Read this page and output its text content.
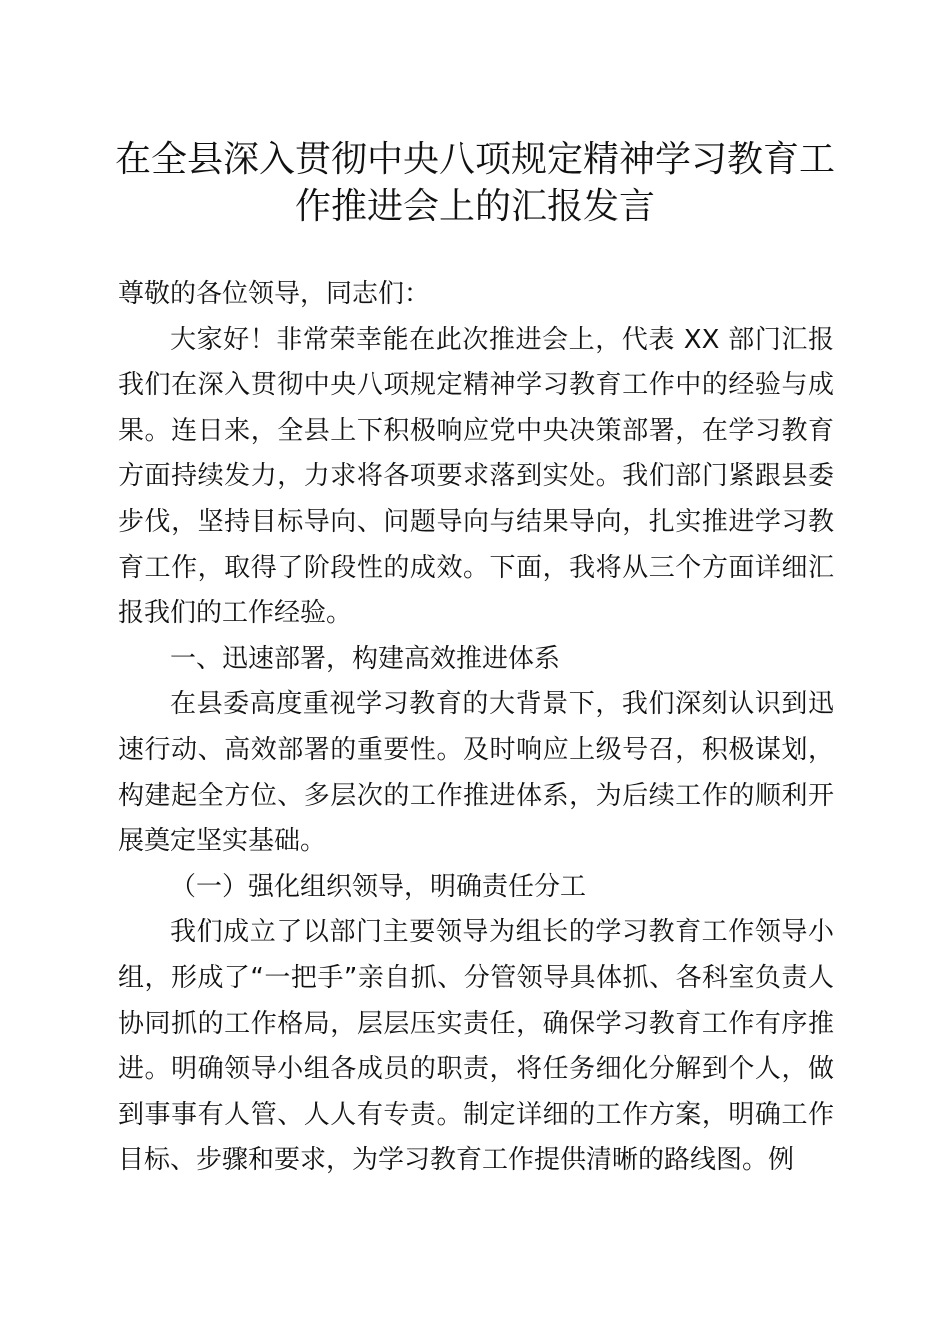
在全县深入贯彻中央八项规定精神学习教育工作推进会上的汇报发言

尊敬的各位领导，同志们：

大家好！非常荣幸能在此次推进会上，代表 XX 部门汇报我们在深入贯彻中央八项规定精神学习教育工作中的经验与成果。连日来，全县上下积极响应党中央决策部署，在学习教育方面持续发力，力求将各项要求落到实处。我们部门紧跟县委步伐，坚持目标导向、问题导向与结果导向，扎实推进学习教育工作，取得了阶段性的成效。下面，我将从三个方面详细汇报我们的工作经验。

一、迅速部署，构建高效推进体系

在县委高度重视学习教育的大背景下，我们深刻认识到迅速行动、高效部署的重要性。及时响应上级号召，积极谋划，构建起全方位、多层次的工作推进体系，为后续工作的顺利开展奠定坚实基础。

（一）强化组织领导，明确责任分工

我们成立了以部门主要领导为组长的学习教育工作领导小组，形成了“一把手”亲自抓、分管领导具体抓、各科室负责人协同抓的工作格局，层层压实责任，确保学习教育工作有序推进。明确领导小组各成员的职责，将任务细化分解到个人，做到事事有人管、人人有专责。制定详细的工作方案，明确工作目标、步骤和要求，为学习教育工作提供清晰的路线图。例
